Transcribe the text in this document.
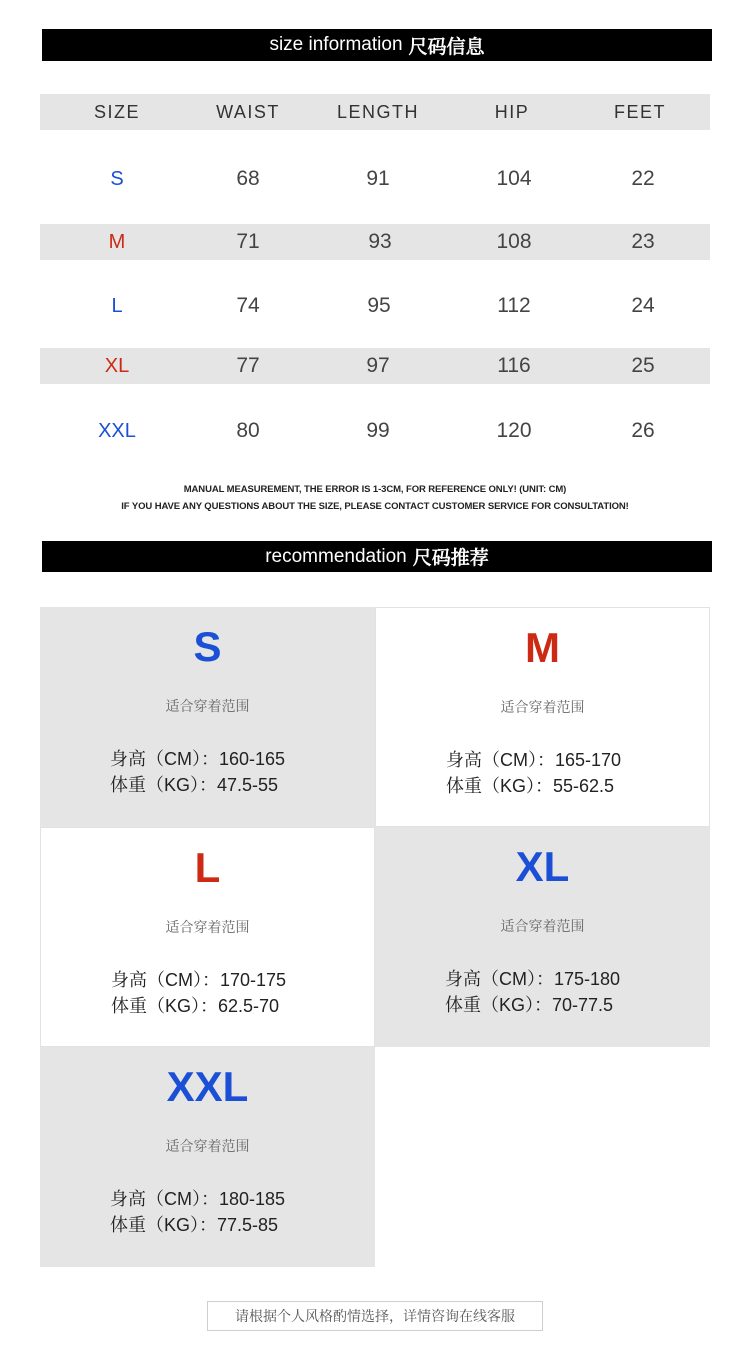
size information 尺码信息
SIZE	WAIST	LENGTH	HIP	FEET
S	68	91	104	22
M	71	93	108	23
L	74	95	112	24
XL	77	97	116	25
XXL	80	99	120	26
MANUAL MEASUREMENT, THE ERROR IS 1-3CM, FOR REFERENCE ONLY! (UNIT: CM)
IF YOU HAVE ANY QUESTIONS ABOUT THE SIZE, PLEASE CONTACT CUSTOMER SERVICE FOR CONSULTATION!
recommendation 尺码推荐
S
适合穿着范围
身高（CM）：160-165
体重（KG）：47.5-55
M
适合穿着范围
身高（CM）：165-170
体重（KG）：55-62.5
L
适合穿着范围
身高（CM）：170-175
体重（KG）：62.5-70
XL
适合穿着范围
身高（CM）：175-180
体重（KG）：70-77.5
XXL
适合穿着范围
身高（CM）：180-185
体重（KG）：77.5-85
请根据个人风格酌情选择，详情咨询在线客服
